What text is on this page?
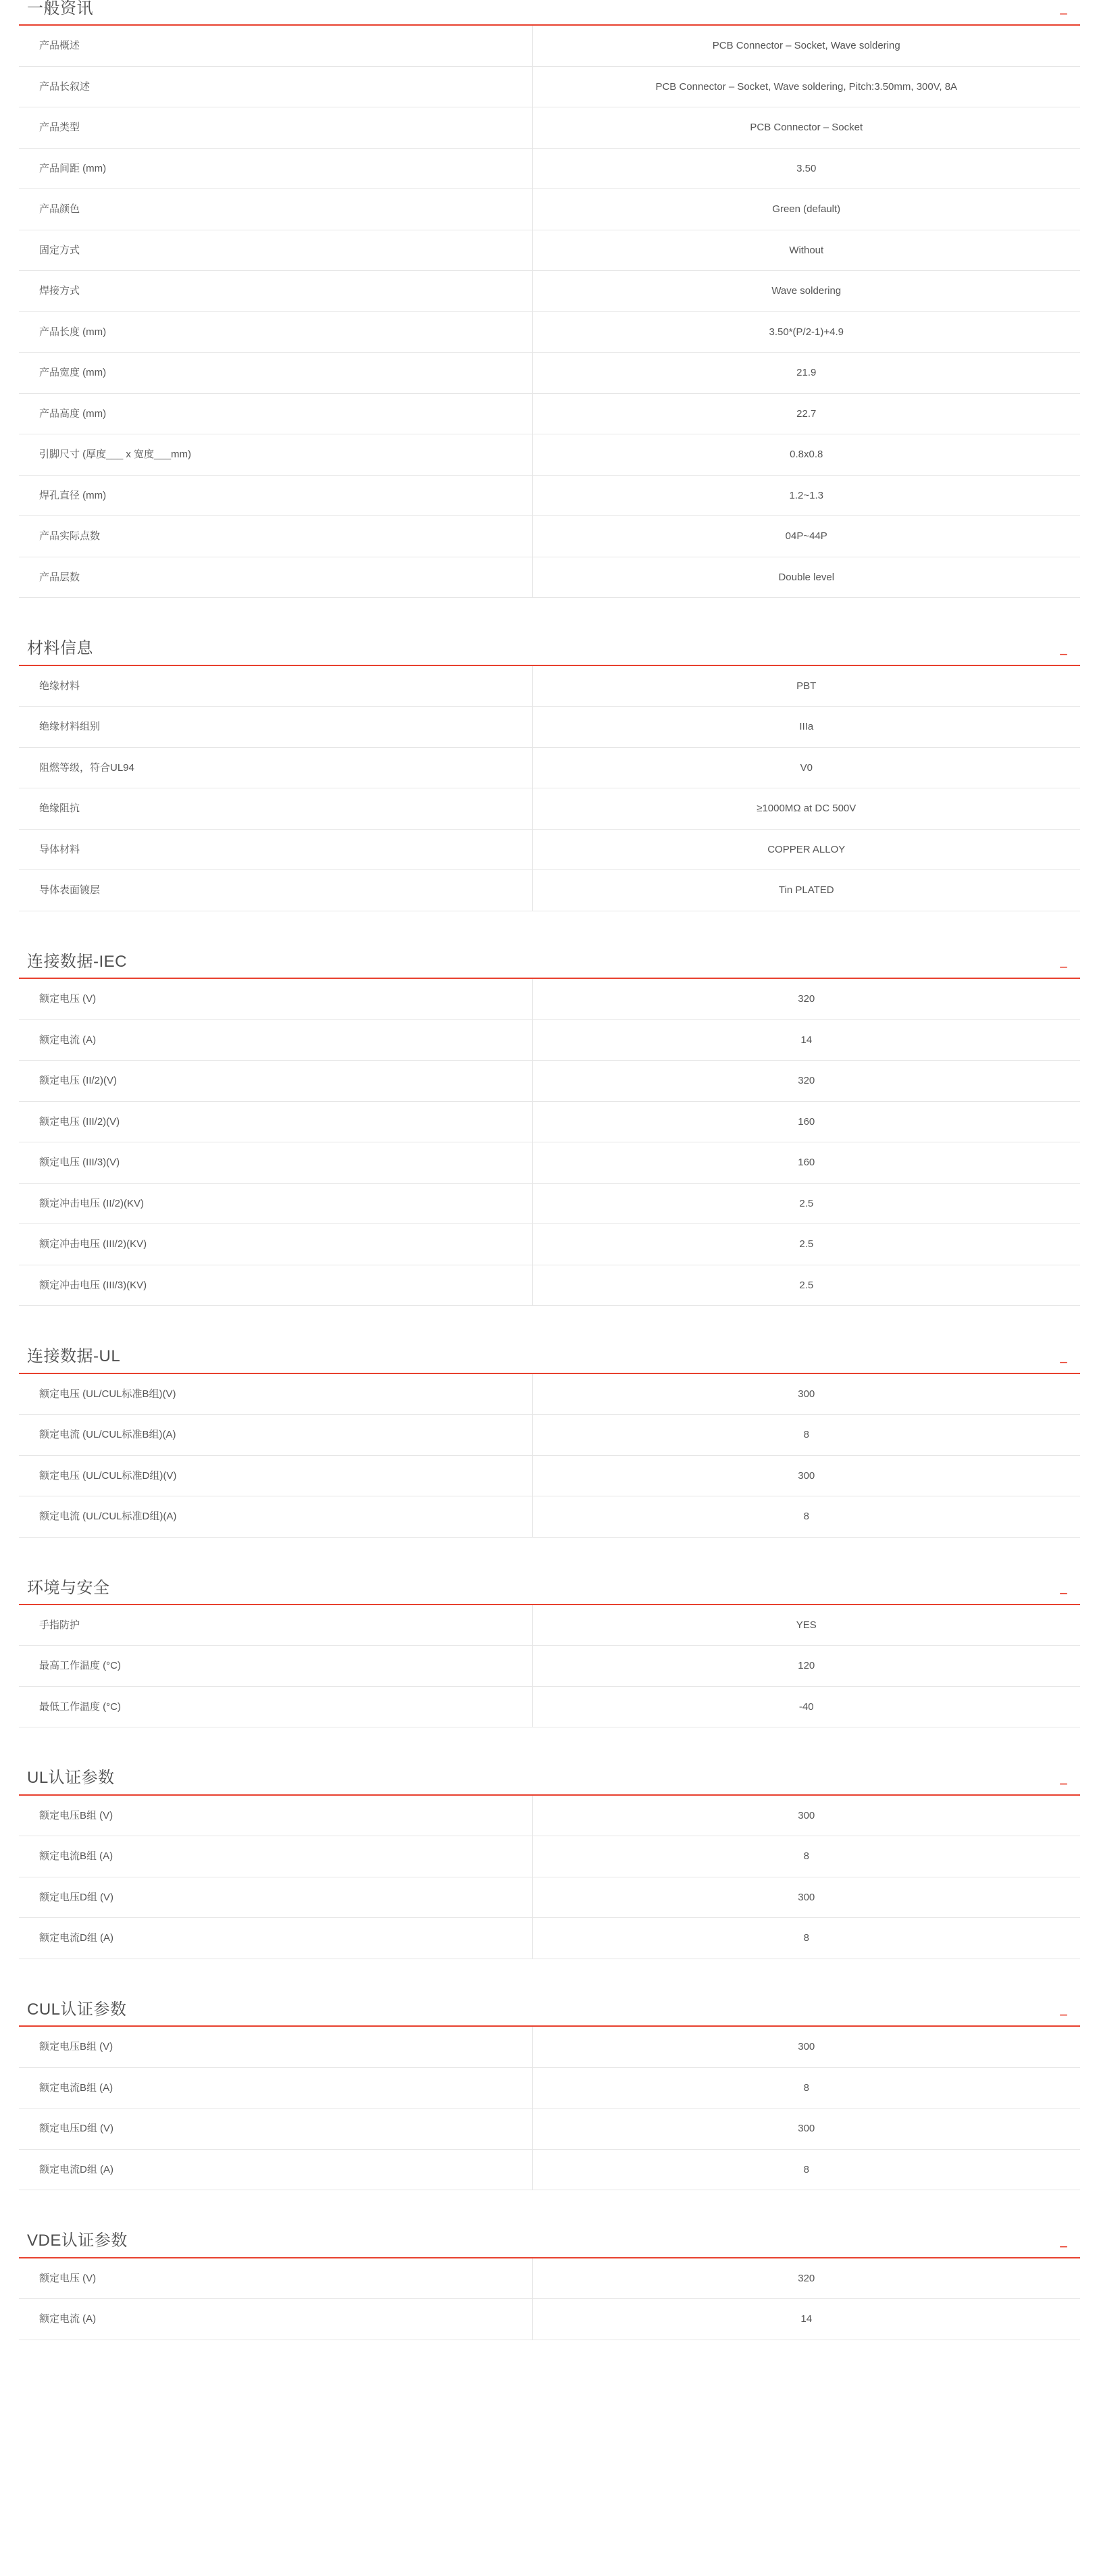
一般资讯	−
产品概述	PCB Connector – Socket, Wave soldering
产品长叙述	PCB Connector – Socket, Wave soldering, Pitch:3.50mm, 300V, 8A
产品类型	PCB Connector – Socket
产品间距 (mm)	3.50
产品颜色	Green (default)
固定方式	Without
焊接方式	Wave soldering
产品长度 (mm)	3.50*(P/2-1)+4.9
产品宽度 (mm)	21.9
产品高度 (mm)	22.7
引脚尺寸 (厚度___ x 宽度___mm)	0.8x0.8
焊孔直径 (mm)	1.2~1.3
产品实际点数	04P~44P
产品层数	Double level
材料信息	−
绝缘材料	PBT
绝缘材料组别	IIIa
阻燃等级，符合UL94	V0
绝缘阻抗	≥1000MΩ at DC 500V
导体材料	COPPER ALLOY
导体表面镀层	Tin PLATED
连接数据-IEC	−
额定电压 (V)	320
额定电流 (A)	14
额定电压 (II/2)(V)	320
额定电压 (III/2)(V)	160
额定电压 (III/3)(V)	160
额定冲击电压 (II/2)(KV)	2.5
额定冲击电压 (III/2)(KV)	2.5
额定冲击电压 (III/3)(KV)	2.5
连接数据-UL	−
额定电压 (UL/CUL标准B组)(V)	300
额定电流 (UL/CUL标准B组)(A)	8
额定电压 (UL/CUL标准D组)(V)	300
额定电流 (UL/CUL标准D组)(A)	8
环境与安全	−
手指防护	YES
最高工作温度 (°C)	120
最低工作温度 (°C)	-40
UL认证参数	−
额定电压B组 (V)	300
额定电流B组 (A)	8
额定电压D组 (V)	300
额定电流D组 (A)	8
CUL认证参数	−
额定电压B组 (V)	300
额定电流B组 (A)	8
额定电压D组 (V)	300
额定电流D组 (A)	8
VDE认证参数	−
额定电压 (V)	320
额定电流 (A)	14
